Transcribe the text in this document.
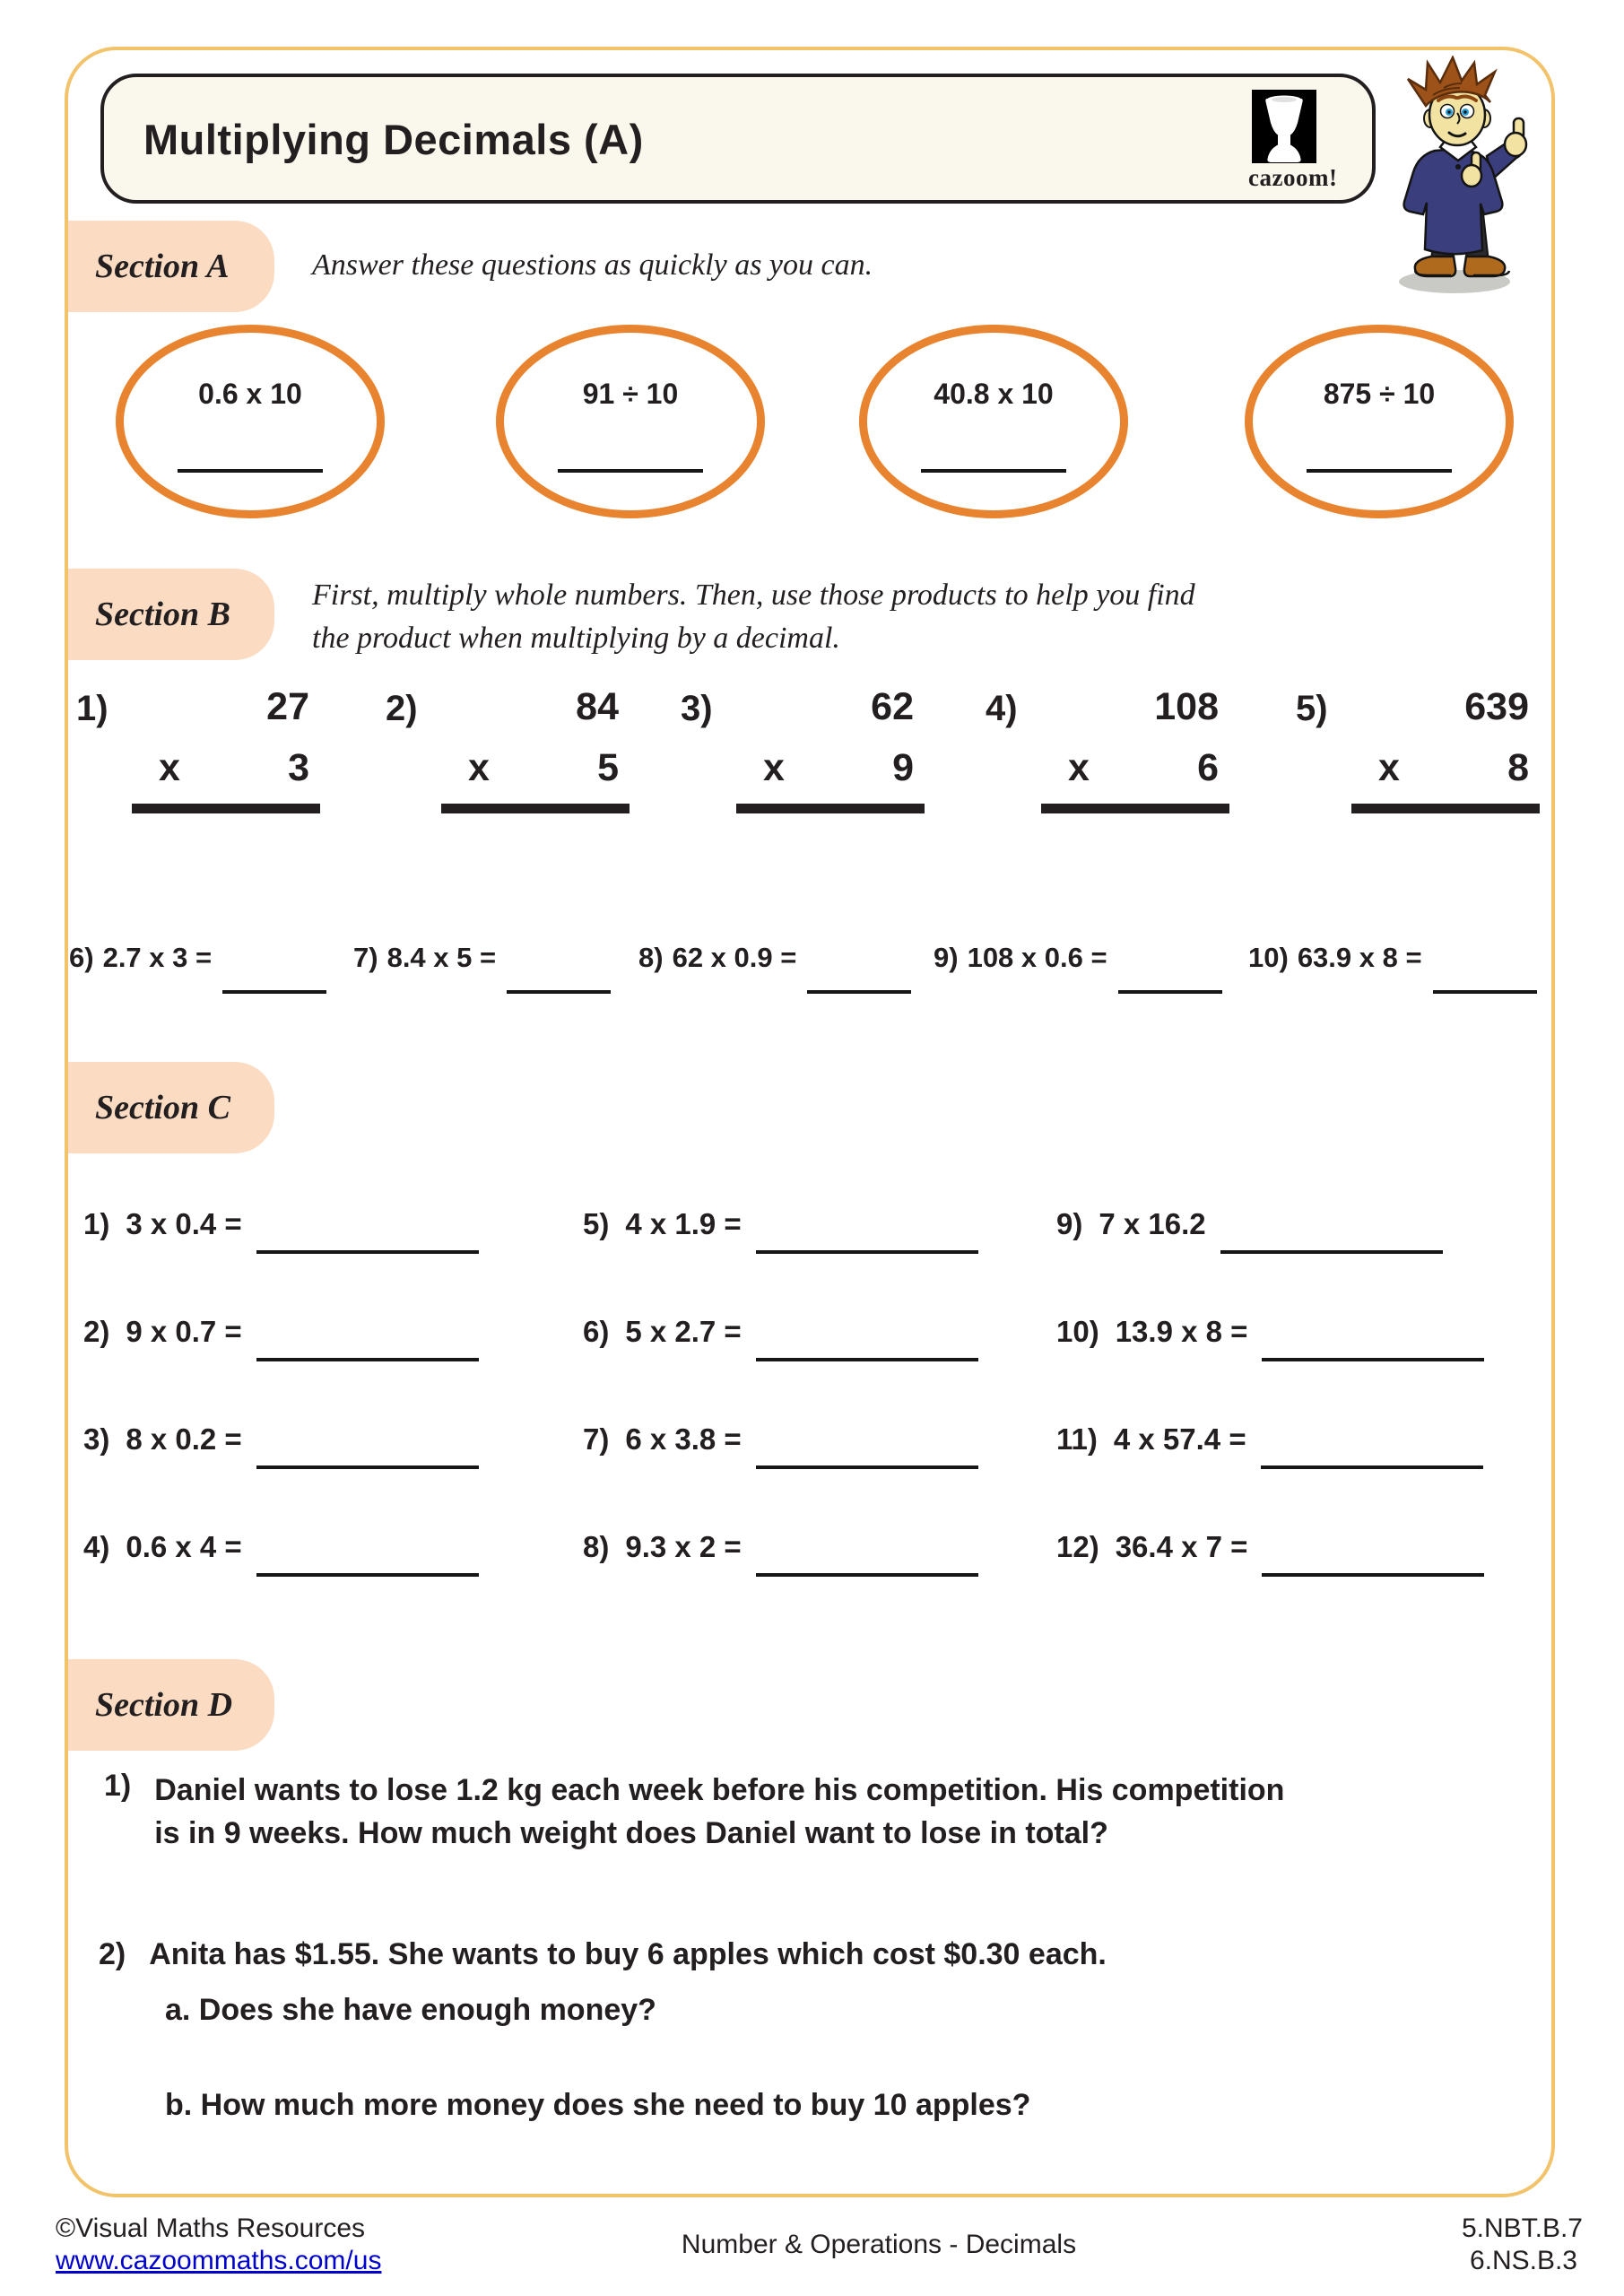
Multiplying Decimals (A)
cazoom!
Section A	Answer these questions as quickly as you can.
0.6 x 10	91 ÷ 10	40.8 x 10	875 ÷ 10
Section B
First, multiply whole numbers. Then, use those products to help you find
the product when multiplying by a decimal.
1)	27
x	3
2)	84
x	5
3)	62
x	9
4)	108
x	6
5)	639
x	8
6) 2.7 x 3 =	7) 8.4 x 5 =	8) 62 x 0.9 =	9) 108 x 0.6 =	10) 63.9 x 8 =
Section C
1) 3 x 0.4 =
2) 9 x 0.7 =
3) 8 x 0.2 =
4) 0.6 x 4 =
5) 4 x 1.9 =
6) 5 x 2.7 =
7) 6 x 3.8 =
8) 9.3 x 2 =
9) 7 x 16.2
10) 13.9 x 8 =
11) 4 x 57.4 =
12) 36.4 x 7 =
Section D
1) Daniel wants to lose 1.2 kg each week before his competition. His competition
is in 9 weeks. How much weight does Daniel want to lose in total?
2) Anita has $1.55. She wants to buy 6 apples which cost $0.30 each.
a. Does she have enough money?
b. How much more money does she need to buy 10 apples?
©Visual Maths Resources
www.cazoommaths.com/us
Number & Operations - Decimals
5.NBT.B.7
6.NS.B.3
